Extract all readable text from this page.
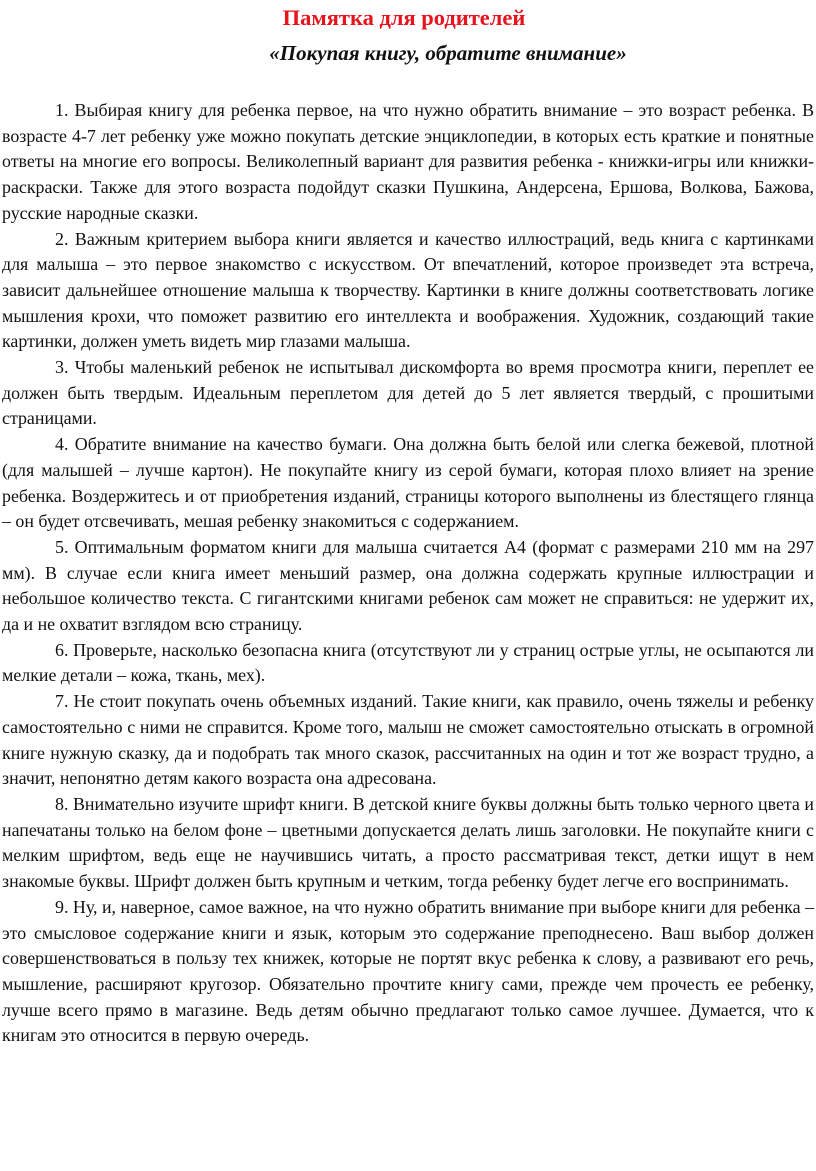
Памятка для родителей
«Покупая книгу, обратите внимание»

1. Выбирая книгу для ребенка первое, на что нужно обратить внимание – это возраст ребенка. В возрасте 4-7 лет ребенку уже можно покупать детские энциклопедии, в которых есть краткие и понятные ответы на многие его вопросы. Великолепный вариант для развития ребенка - книжки-игры или книжки-раскраски. Также для этого возраста подойдут сказки Пушкина, Андерсена, Ершова, Волкова, Бажова, русские народные сказки.

2. Важным критерием выбора книги является и качество иллюстраций, ведь книга с картинками для малыша – это первое знакомство с искусством. От впечатлений, которое произведет эта встреча, зависит дальнейшее отношение малыша к творчеству. Картинки в книге должны соответствовать логике мышления крохи, что поможет развитию его интеллекта и воображения. Художник, создающий такие картинки, должен уметь видеть мир глазами малыша.

3. Чтобы маленький ребенок не испытывал дискомфорта во время просмотра книги, переплет ее должен быть твердым. Идеальным переплетом для детей до 5 лет является твердый, с прошитыми страницами.

4. Обратите внимание на качество бумаги. Она должна быть белой или слегка бежевой, плотной (для малышей – лучше картон). Не покупайте книгу из серой бумаги, которая плохо влияет на зрение ребенка. Воздержитесь и от приобретения изданий, страницы которого выполнены из блестящего глянца – он будет отсвечивать, мешая ребенку знакомиться с содержанием.

5. Оптимальным форматом книги для малыша считается А4 (формат с размерами 210 мм на 297 мм). В случае если книга имеет меньший размер, она должна содержать крупные иллюстрации и небольшое количество текста. С гигантскими книгами ребенок сам может не справиться: не удержит их, да и не охватит взглядом всю страницу.

6. Проверьте, насколько безопасна книга (отсутствуют ли у страниц острые углы, не осыпаются ли мелкие детали – кожа, ткань, мех).

7. Не стоит покупать очень объемных изданий. Такие книги, как правило, очень тяжелы и ребенку самостоятельно с ними не справится. Кроме того, малыш не сможет самостоятельно отыскать в огромной книге нужную сказку, да и подобрать так много сказок, рассчитанных на один и тот же возраст трудно, а значит, непонятно детям какого возраста она адресована.

8. Внимательно изучите шрифт книги. В детской книге буквы должны быть только черного цвета и напечатаны только на белом фоне – цветными допускается делать лишь заголовки. Не покупайте книги с мелким шрифтом, ведь еще не научившись читать, а просто рассматривая текст, детки ищут в нем знакомые буквы. Шрифт должен быть крупным и четким, тогда ребенку будет легче его воспринимать.

9. Ну, и, наверное, самое важное, на что нужно обратить внимание при выборе книги для ребенка – это смысловое содержание книги и язык, которым это содержание преподнесено. Ваш выбор должен совершенствоваться в пользу тех книжек, которые не портят вкус ребенка к слову, а развивают его речь, мышление, расширяют кругозор. Обязательно прочтите книгу сами, прежде чем прочесть ее ребенку, лучше всего прямо в магазине. Ведь детям обычно предлагают только самое лучшее. Думается, что к книгам это относится в первую очередь.
